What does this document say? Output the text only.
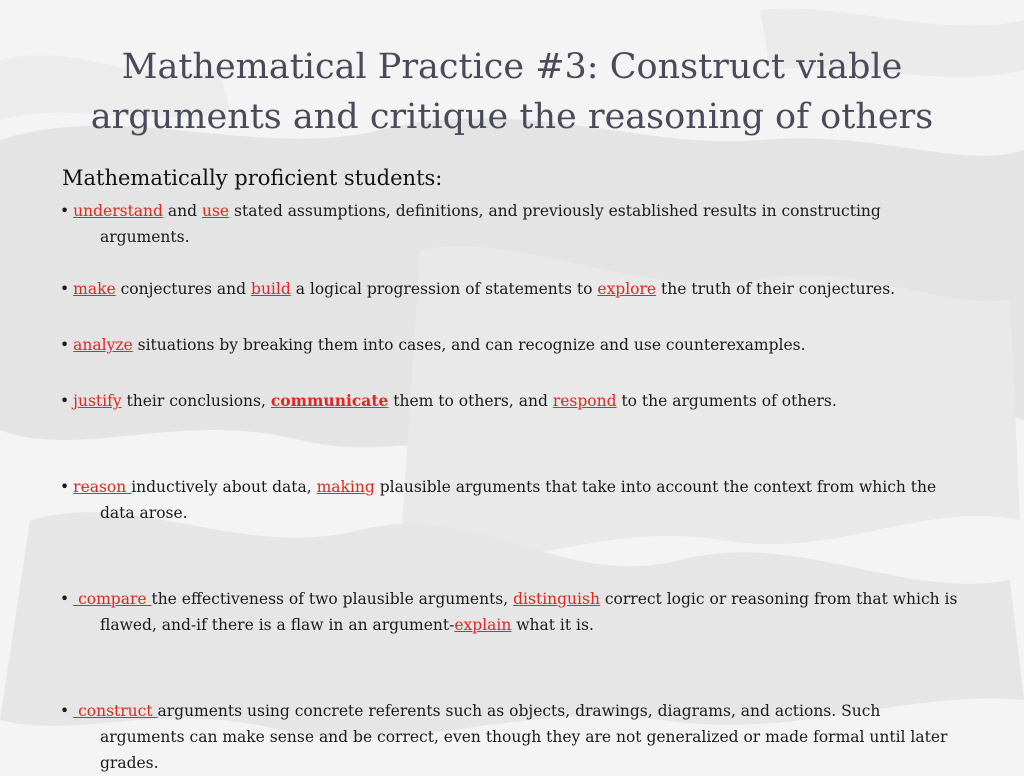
Mathematical Practice #3: Construct viable arguments and critique the reasoning of others
Mathematically proficient students:
• understand and use stated assumptions, definitions, and previously established results in constructing arguments.
• make conjectures and build a logical progression of statements to explore the truth of their conjectures.
• analyze situations by breaking them into cases, and can recognize and use counterexamples.
• justify their conclusions, communicate them to others, and respond to the arguments of others.
• reason inductively about data, making plausible arguments that take into account the context from which the data arose.
• compare the effectiveness of two plausible arguments, distinguish correct logic or reasoning from that which is flawed, and-if there is a flaw in an argument-explain what it is.
• construct arguments using concrete referents such as objects, drawings, diagrams, and actions. Such arguments can make sense and be correct, even though they are not generalized or made formal until later grades.
